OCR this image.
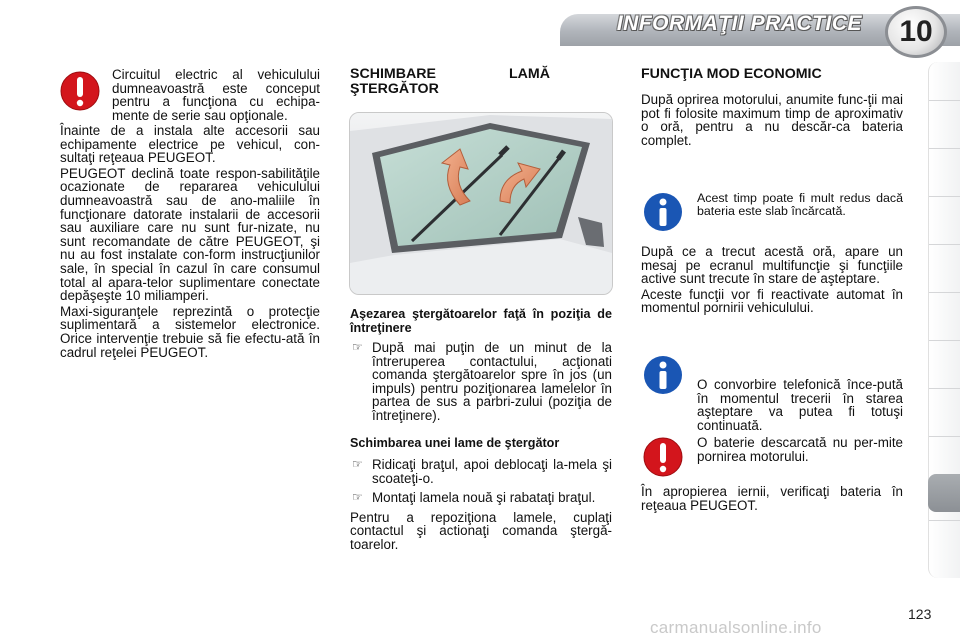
INFORMAŢII PRACTICE	10

Circuitul electric al vehiculului dumneavoastră este conceput pentru a funcţiona cu echipa-mente de serie sau opţionale.

Înainte de a instala alte accesorii sau echipamente electrice pe vehicul, con-sultaţi reţeaua PEUGEOT.

PEUGEOT declină toate respon-sabilităţile ocazionate de repararea vehiculului dumneavoastră sau de ano-maliile în funcţionare datorate instalarii de accesorii sau auxiliare care nu sunt fur-nizate, nu sunt recomandate de către PEUGEOT, şi nu au fost instalate con-form instrucţiunilor sale, în special în cazul în care consumul total al apara-telor suplimentare conectate depăşeşte 10 miliamperi.

Maxi-siguranţele reprezintă o protecţie suplimentară a sistemelor electronice. Orice intervenţie trebuie să fie efectu-ată în cadrul reţelei PEUGEOT.

SCHIMBARE LAMĂ ŞTERGĂTOR

Aşezarea ştergătoarelor faţă în poziţia de întreţinere

☞ După mai puţin de un minut de la întreruperea contactului, acţionati comanda ştergătoarelor spre în jos (un impuls) pentru poziţionarea lamelelor în partea de sus a parbri-zului (poziţia de întreţinere).

Schimbarea unei lame de ştergător

☞ Ridicaţi braţul, apoi deblocaţi la-mela şi scoateţi-o.
☞ Montaţi lamela nouă şi rabataţi braţul.

Pentru a repoziţiona lamele, cuplaţi contactul şi actionaţi comanda ştergă-toarelor.

FUNCŢIA MOD ECONOMIC

După oprirea motorului, anumite func-ţii mai pot fi folosite maximum timp de aproximativ o oră, pentru a nu descăr-ca bateria complet.

Acest timp poate fi mult redus dacă bateria este slab încărcată.

După ce a trecut acestă oră, apare un mesaj pe ecranul multifuncţie şi funcţiile active sunt trecute în stare de aşteptare.

Aceste funcţii vor fi reactivate automat în momentul pornirii vehiculului.

O convorbire telefonică înce-pută în momentul trecerii în starea aşteptare va putea fi totuşi continuată.

O baterie descarcată nu per-mite pornirea motorului.

În apropierea iernii, verificaţi bateria în reţeaua PEUGEOT.

123
carmanualsonline.info
